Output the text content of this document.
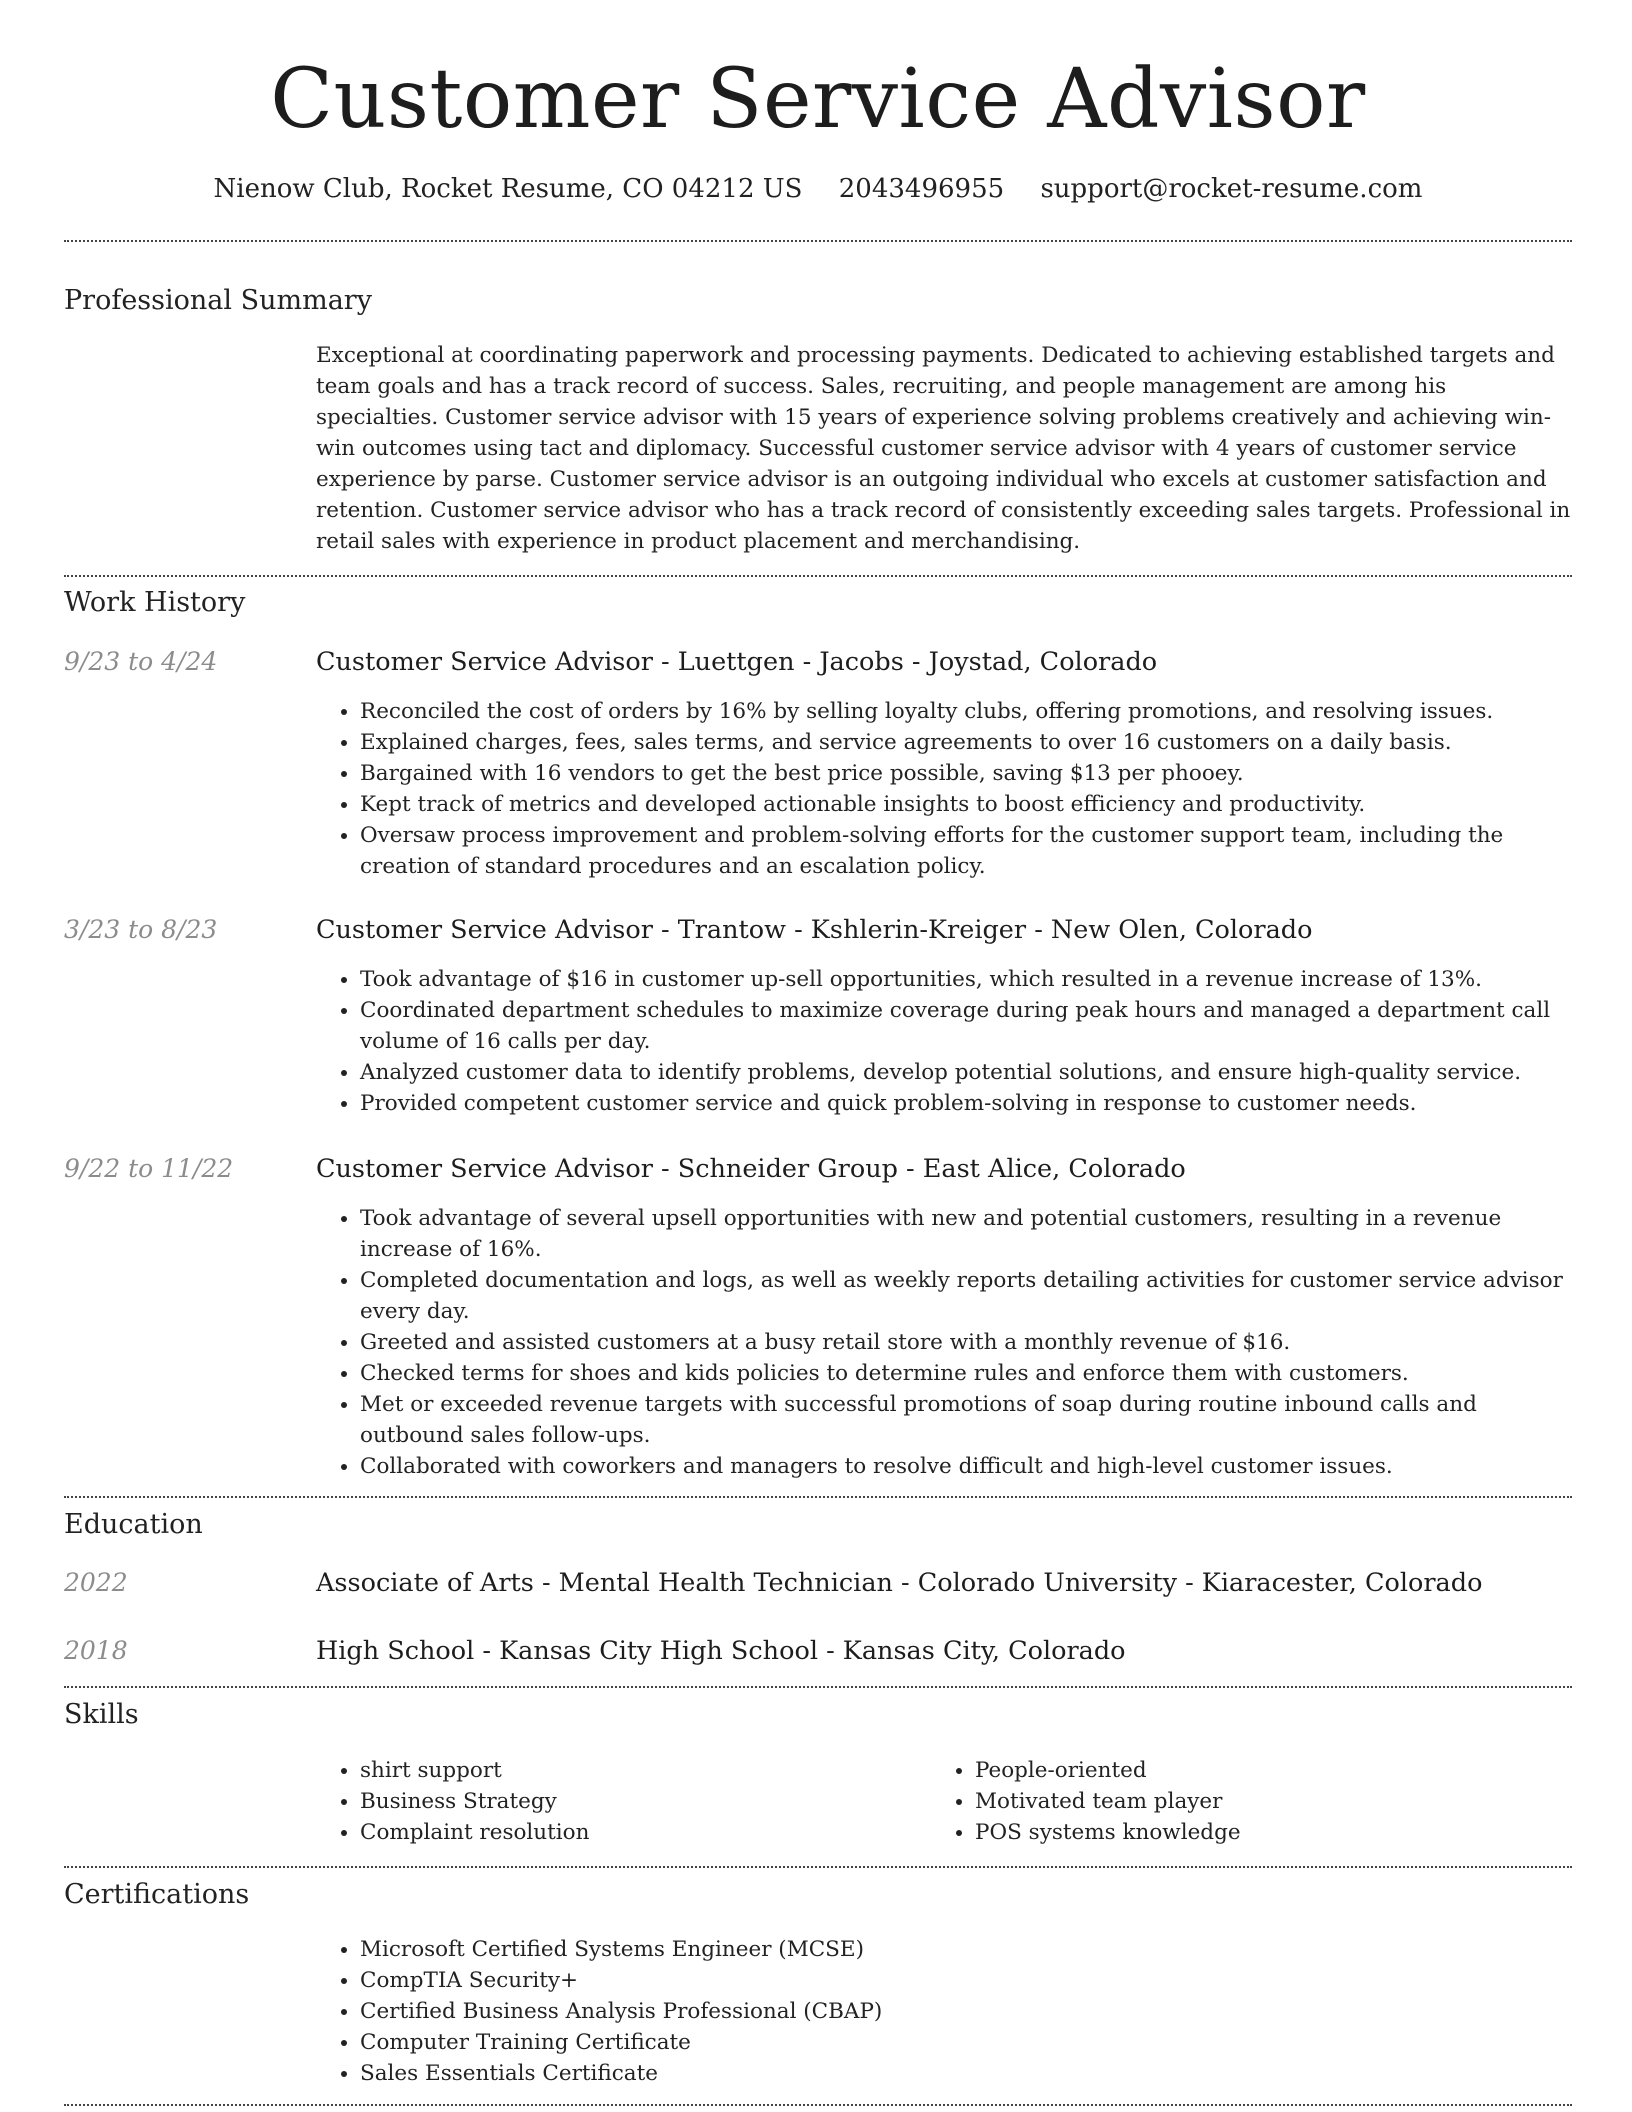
Customer Service Advisor
Nienow Club, Rocket Resume, CO 04212 US 2043496955 support@rocket-resume.com
Professional Summary
Exceptional at coordinating paperwork and processing payments. Dedicated to achieving established targets and team goals and has a track record of success. Sales, recruiting, and people management are among his specialties. Customer service advisor with 15 years of experience solving problems creatively and achieving win-win outcomes using tact and diplomacy. Successful customer service advisor with 4 years of customer service experience by parse. Customer service advisor is an outgoing individual who excels at customer satisfaction and retention. Customer service advisor who has a track record of consistently exceeding sales targets. Professional in retail sales with experience in product placement and merchandising.
Work History
9/23 to 4/24	Customer Service Advisor - Luettgen - Jacobs - Joystad, Colorado
• Reconciled the cost of orders by 16% by selling loyalty clubs, offering promotions, and resolving issues.
• Explained charges, fees, sales terms, and service agreements to over 16 customers on a daily basis.
• Bargained with 16 vendors to get the best price possible, saving $13 per phooey.
• Kept track of metrics and developed actionable insights to boost efficiency and productivity.
• Oversaw process improvement and problem-solving efforts for the customer support team, including the creation of standard procedures and an escalation policy.
3/23 to 8/23	Customer Service Advisor - Trantow - Kshlerin-Kreiger - New Olen, Colorado
• Took advantage of $16 in customer up-sell opportunities, which resulted in a revenue increase of 13%.
• Coordinated department schedules to maximize coverage during peak hours and managed a department call volume of 16 calls per day.
• Analyzed customer data to identify problems, develop potential solutions, and ensure high-quality service.
• Provided competent customer service and quick problem-solving in response to customer needs.
9/22 to 11/22	Customer Service Advisor - Schneider Group - East Alice, Colorado
• Took advantage of several upsell opportunities with new and potential customers, resulting in a revenue increase of 16%.
• Completed documentation and logs, as well as weekly reports detailing activities for customer service advisor every day.
• Greeted and assisted customers at a busy retail store with a monthly revenue of $16.
• Checked terms for shoes and kids policies to determine rules and enforce them with customers.
• Met or exceeded revenue targets with successful promotions of soap during routine inbound calls and outbound sales follow-ups.
• Collaborated with coworkers and managers to resolve difficult and high-level customer issues.
Education
2022	Associate of Arts - Mental Health Technician - Colorado University - Kiaracester, Colorado
2018	High School - Kansas City High School - Kansas City, Colorado
Skills
• shirt support
• Business Strategy
• Complaint resolution
• People-oriented
• Motivated team player
• POS systems knowledge
Certifications
• Microsoft Certified Systems Engineer (MCSE)
• CompTIA Security+
• Certified Business Analysis Professional (CBAP)
• Computer Training Certificate
• Sales Essentials Certificate
